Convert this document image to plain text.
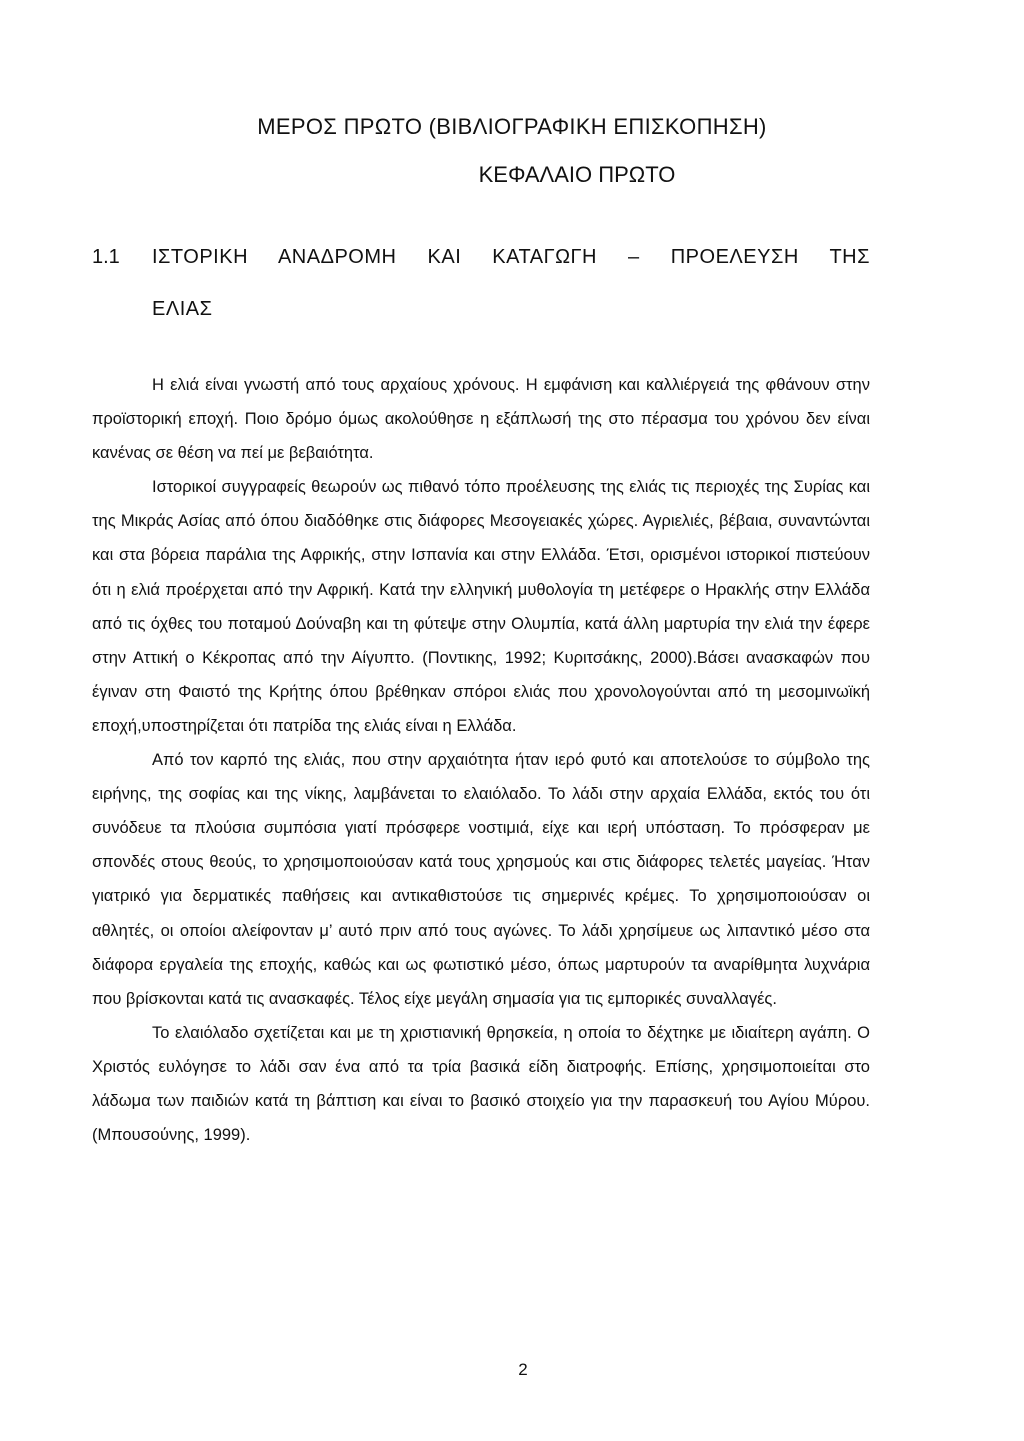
ΜΕΡΟΣ ΠΡΩΤΟ (ΒΙΒΛΙΟΓΡΑΦΙΚΗ ΕΠΙΣΚΟΠΗΣΗ)
ΚΕΦΑΛΑΙΟ ΠΡΩΤΟ
1.1	ΙΣΤΟΡΙΚΗ ΑΝΑΔΡΟΜΗ ΚΑΙ ΚΑΤΑΓΩΓΗ – ΠΡΟΕΛΕΥΣΗ ΤΗΣ
ΕΛΙΑΣ

Η ελιά είναι γνωστή από τους αρχαίους χρόνους. Η εμφάνιση και καλλιέργειά της φθάνουν στην προϊστορική εποχή. Ποιο δρόμο όμως ακολούθησε η εξάπλωσή της στο πέρασμα του χρόνου δεν είναι κανένας σε θέση να πεί με βεβαιότητα.

Ιστορικοί συγγραφείς θεωρούν ως πιθανό τόπο προέλευσης της ελιάς τις περιοχές της Συρίας και της Μικράς Ασίας από όπου διαδόθηκε στις διάφορες Μεσογειακές χώρες. Αγριελιές, βέβαια, συναντώνται και στα βόρεια παράλια της Αφρικής, στην Ισπανία και στην Ελλάδα. Έτσι, ορισμένοι ιστορικοί πιστεύουν ότι η ελιά προέρχεται από την Αφρική. Κατά την ελληνική μυθολογία τη μετέφερε ο Ηρακλής στην Ελλάδα από τις όχθες του ποταμού Δούναβη και τη φύτεψε στην Ολυμπία, κατά άλλη μαρτυρία την ελιά την έφερε στην Αττική ο Κέκροπας από την Αίγυπτο. (Ποντικης, 1992; Κυριτσάκης, 2000).Βάσει ανασκαφών που έγιναν στη Φαιστό της Κρήτης όπου βρέθηκαν σπόροι ελιάς που χρονολογούνται από τη μεσομινωϊκή εποχή,υποστηρίζεται ότι πατρίδα της ελιάς είναι η Ελλάδα.

Από τον καρπό της ελιάς, που στην αρχαιότητα ήταν ιερό φυτό και αποτελούσε το σύμβολο της ειρήνης, της σοφίας και της νίκης, λαμβάνεται το ελαιόλαδο. Το λάδι στην αρχαία Ελλάδα, εκτός του ότι συνόδευε τα πλούσια συμπόσια γιατί πρόσφερε νοστιμιά, είχε και ιερή υπόσταση. Το πρόσφεραν με σπονδές στους θεούς, το χρησιμοποιούσαν κατά τους χρησμούς και στις διάφορες τελετές μαγείας. Ήταν γιατρικό για δερματικές παθήσεις και αντικαθιστούσε τις σημερινές κρέμες. Το χρησιμοποιούσαν οι αθλητές, οι οποίοι αλείφονταν μ’ αυτό πριν από τους αγώνες. Το λάδι χρησίμευε ως λιπαντικό μέσο στα διάφορα εργαλεία της εποχής, καθώς και ως φωτιστικό μέσο, όπως μαρτυρούν τα αναρίθμητα λυχνάρια που βρίσκονται κατά τις ανασκαφές. Τέλος είχε μεγάλη σημασία για τις εμπορικές συναλλαγές.

Το ελαιόλαδο σχετίζεται και με τη χριστιανική θρησκεία, η οποία το δέχτηκε με ιδιαίτερη αγάπη. Ο Χριστός ευλόγησε το λάδι σαν ένα από τα τρία βασικά είδη διατροφής. Επίσης, χρησιμοποιείται στο λάδωμα των παιδιών κατά τη βάπτιση και είναι το βασικό στοιχείο για την παρασκευή του Αγίου Μύρου. (Μπουσούνης, 1999).

2
